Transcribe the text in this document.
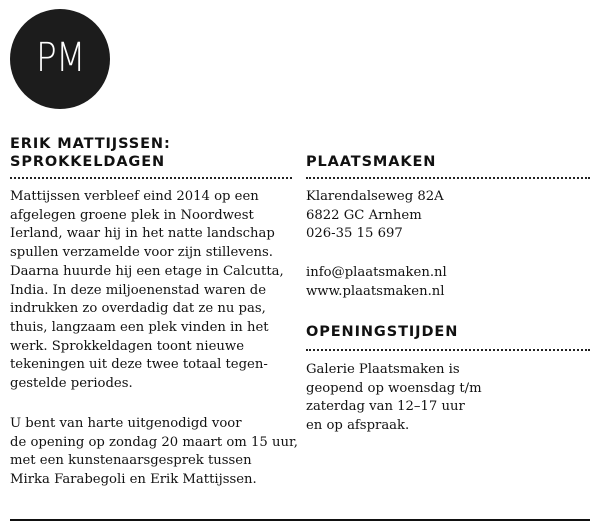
PM
ERIK MATTIJSSEN:
SPROKKELDAGEN

Mattijssen verbleef eind 2014 op een
afgelegen groene plek in Noordwest
Ierland, waar hij in het natte landschap
spullen verzamelde voor zijn stillevens.
Daarna huurde hij een etage in Calcutta,
India. In deze miljoenenstad waren de
indrukken zo overdadig dat ze nu pas,
thuis, langzaam een plek vinden in het
werk. Sprokkeldagen toont nieuwe
tekeningen uit deze twee totaal tegen-
gestelde periodes.

U bent van harte uitgenodigd voor
de opening op zondag 20 maart om 15 uur,
met een kunstenaarsgesprek tussen
Mirka Farabegoli en Erik Mattijssen.

PLAATSMAKEN

Klarendalseweg 82A
6822 GC Arnhem
026-35 15 697

info@plaatsmaken.nl
www.plaatsmaken.nl

OPENINGSTIJDEN

Galerie Plaatsmaken is
geopend op woensdag t/m
zaterdag van 12–17 uur
en op afspraak.
